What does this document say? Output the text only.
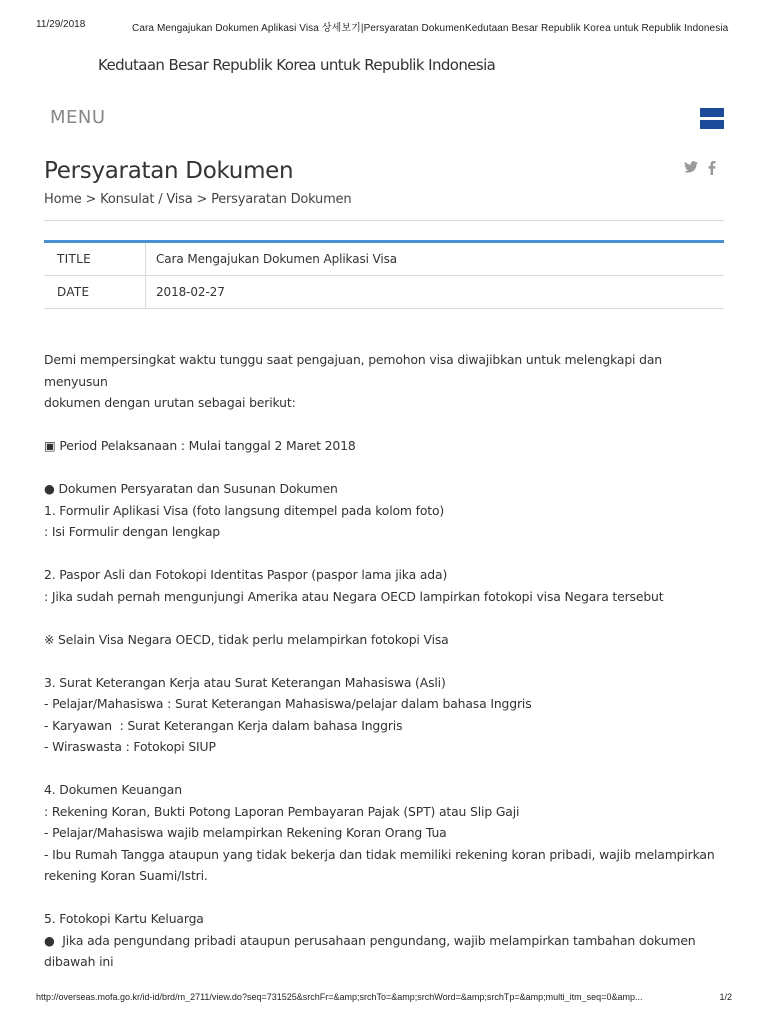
11/29/2018	Cara Mengajukan Dokumen Aplikasi Visa 상세보기|Persyaratan DokumenKedutaan Besar Republik Korea untuk Republik Indonesia
Kedutaan Besar Republik Korea untuk Republik Indonesia
MENU
Persyaratan Dokumen
Home > Konsulat / Visa > Persyaratan Dokumen
TITLE	Cara Mengajukan Dokumen Aplikasi Visa
DATE	2018-02-27

Demi mempersingkat waktu tunggu saat pengajuan, pemohon visa diwajibkan untuk melengkapi dan menyusun

dokumen dengan urutan sebagai berikut:

▣ Period Pelaksanaan : Mulai tanggal 2 Maret 2018

● Dokumen Persyaratan dan Susunan Dokumen

1. Formulir Aplikasi Visa (foto langsung ditempel pada kolom foto)

: Isi Formulir dengan lengkap

2. Paspor Asli dan Fotokopi Identitas Paspor (paspor lama jika ada)

: Jika sudah pernah mengunjungi Amerika atau Negara OECD lampirkan fotokopi visa Negara tersebut

※ Selain Visa Negara OECD, tidak perlu melampirkan fotokopi Visa

3. Surat Keterangan Kerja atau Surat Keterangan Mahasiswa (Asli)

- Pelajar/Mahasiswa : Surat Keterangan Mahasiswa/pelajar dalam bahasa Inggris

- Karyawan  : Surat Keterangan Kerja dalam bahasa Inggris

- Wiraswasta : Fotokopi SIUP

4. Dokumen Keuangan

: Rekening Koran, Bukti Potong Laporan Pembayaran Pajak (SPT) atau Slip Gaji

- Pelajar/Mahasiswa wajib melampirkan Rekening Koran Orang Tua

- Ibu Rumah Tangga ataupun yang tidak bekerja dan tidak memiliki rekening koran pribadi, wajib melampirkan

rekening Koran Suami/Istri.

5. Fotokopi Kartu Keluarga

●  Jika ada pengundang pribadi ataupun perusahaan pengundang, wajib melampirkan tambahan dokumen

dibawah ini

http://overseas.mofa.go.kr/id-id/brd/m_2711/view.do?seq=731525&srchFr=&amp;srchTo=&amp;srchWord=&amp;srchTp=&amp;multi_itm_seq=0&amp...	1/2
